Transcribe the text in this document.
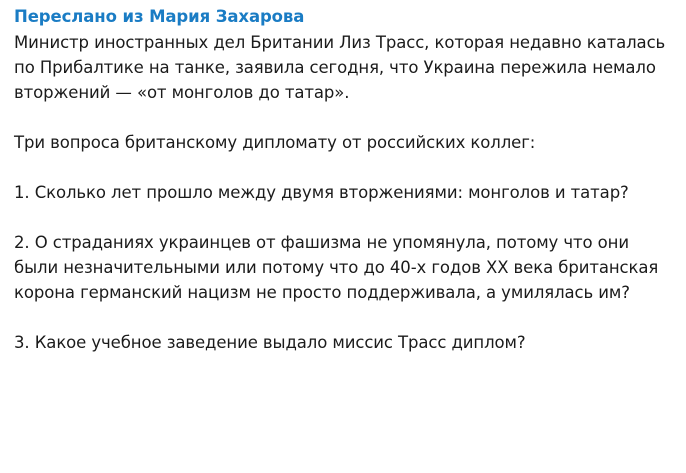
Переслано из Мария Захарова

Министр иностранных дел Британии Лиз Трасс, которая недавно каталась по Прибалтике на танке, заявила сегодня, что Украина пережила немало вторжений — «от монголов до татар».

Три вопроса британскому дипломату от российских коллег:

1. Сколько лет прошло между двумя вторжениями: монголов и татар?

2. О страданиях украинцев от фашизма не упомянула, потому что они были незначительными или потому что до 40-х годов XX века британская корона германский нацизм не просто поддерживала, а умилялась им?

3. Какое учебное заведение выдало миссис Трасс диплом?
